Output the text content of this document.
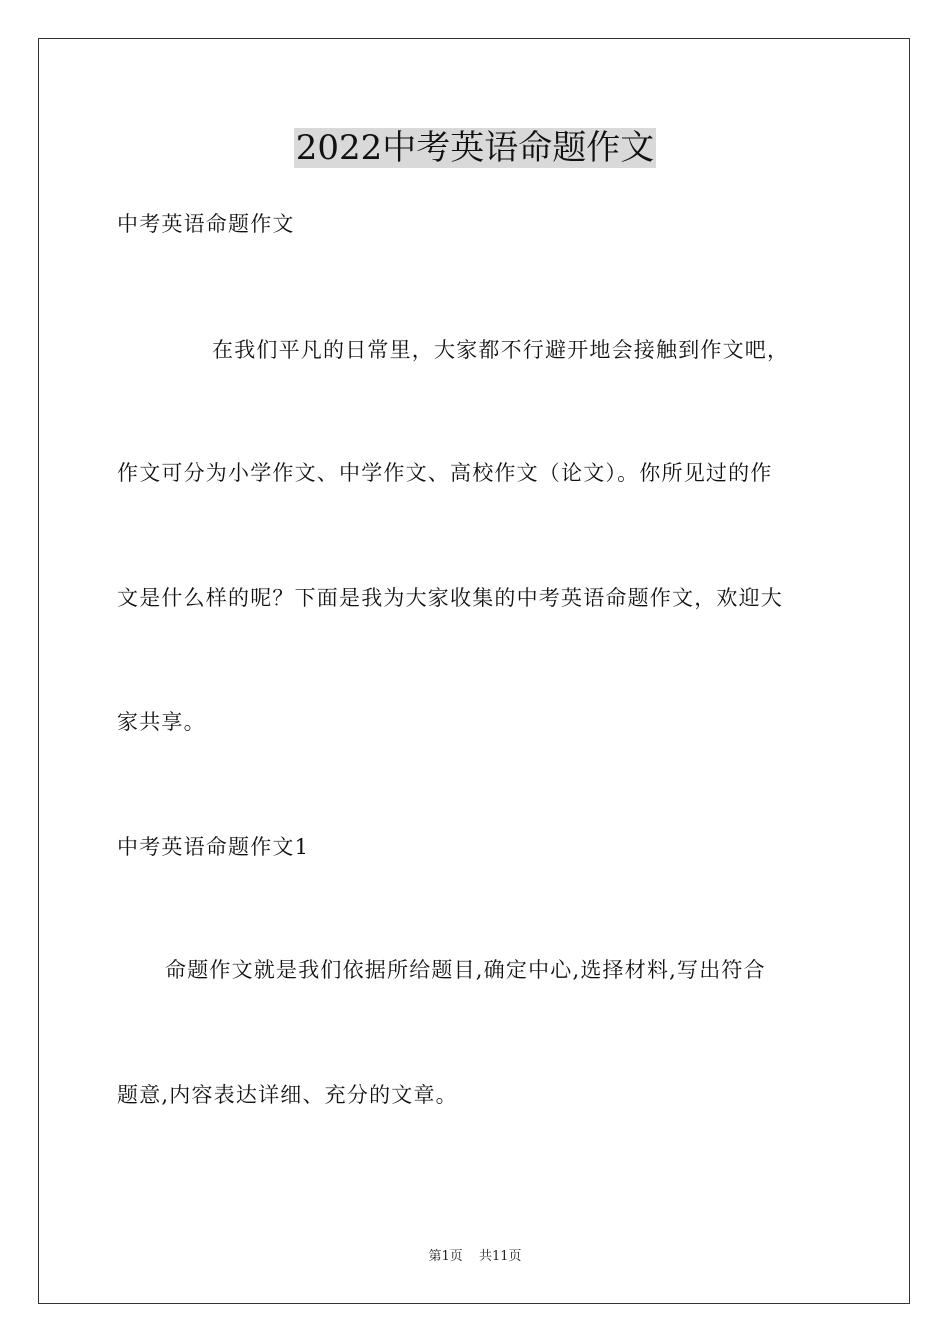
2022中考英语命题作文
中考英语命题作文
在我们平凡的日常里，大家都不行避开地会接触到作文吧，
作文可分为小学作文、中学作文、高校作文（论文）。你所见过的作
文是什么样的呢？下面是我为大家收集的中考英语命题作文，欢迎大
家共享。
中考英语命题作文1
命题作文就是我们依据所给题目,确定中心,选择材料,写出符合
题意,内容表达详细、充分的文章。
第1页 共11页
